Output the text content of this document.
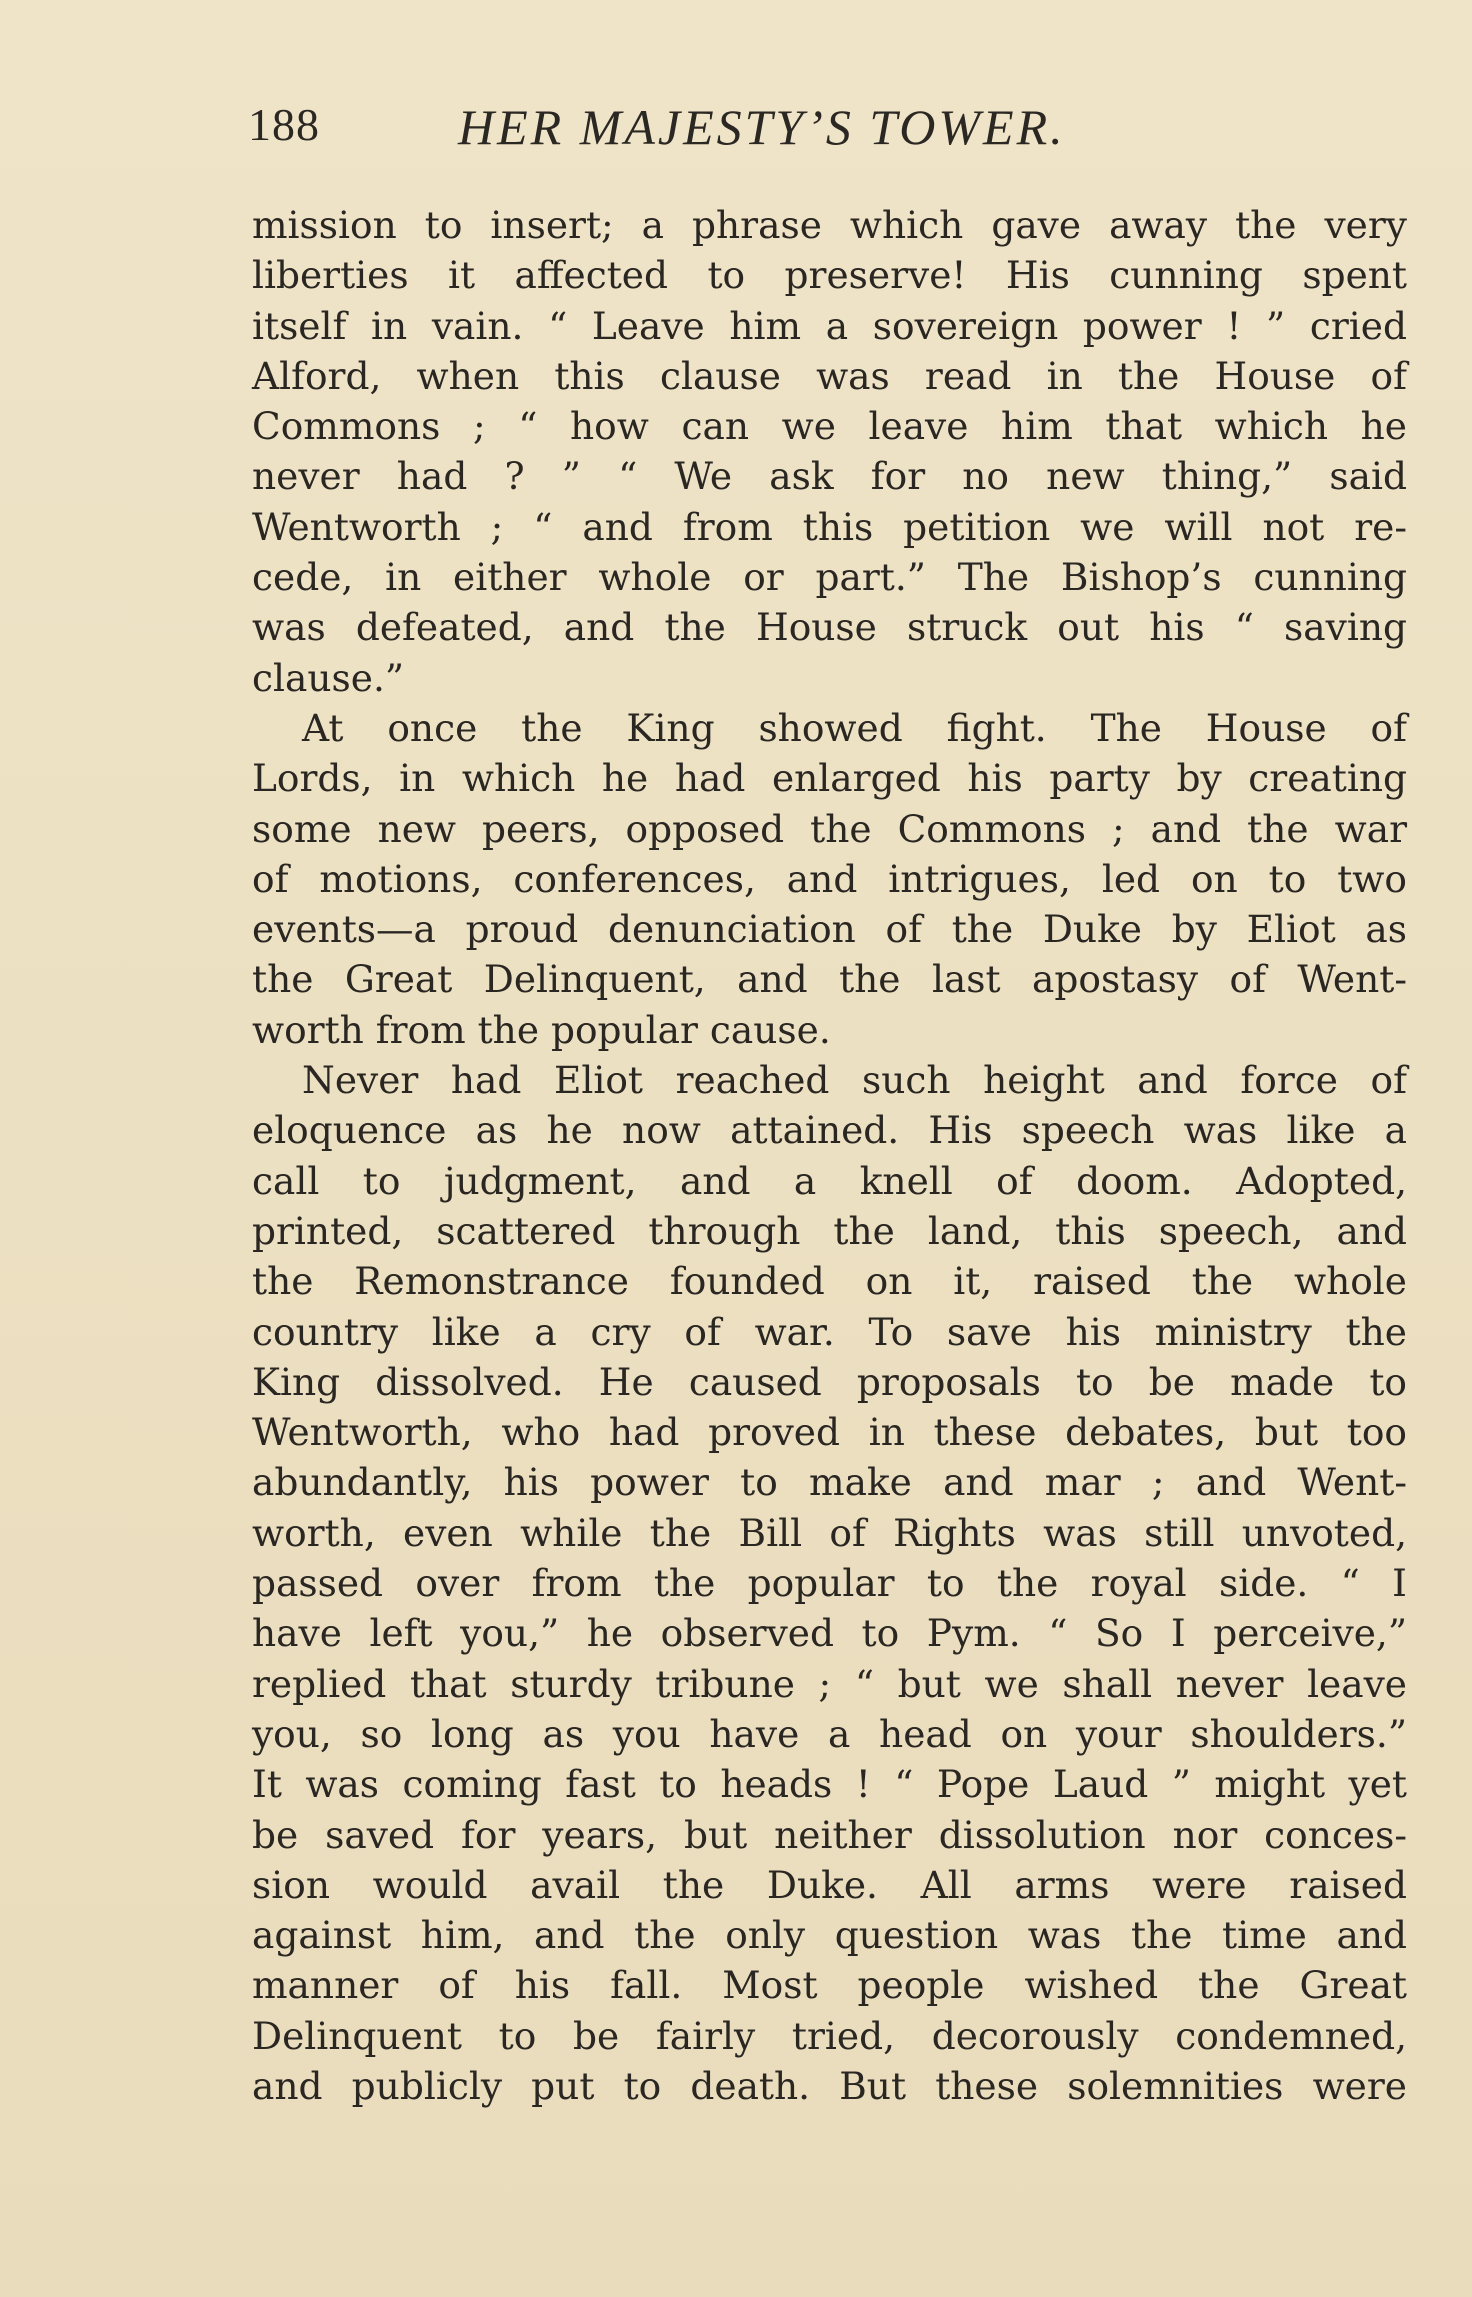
188	HER MAJESTY’S TOWER.
mission to insert; a phrase which gave away the very
liberties it affected to preserve! His cunning spent
itself in vain. “ Leave him a sovereign power ! ” cried
Alford, when this clause was read in the House of
Commons ; “ how can we leave him that which he
never had ? ” “ We ask for no new thing,” said
Wentworth ; “ and from this petition we will not re-
cede, in either whole or part.” The Bishop’s cunning
was defeated, and the House struck out his “ saving
clause.”
At once the King showed fight. The House of
Lords, in which he had enlarged his party by creating
some new peers, opposed the Commons ; and the war
of motions, conferences, and intrigues, led on to two
events—a proud denunciation of the Duke by Eliot as
the Great Delinquent, and the last apostasy of Went-
worth from the popular cause.
Never had Eliot reached such height and force of
eloquence as he now attained. His speech was like a
call to judgment, and a knell of doom. Adopted,
printed, scattered through the land, this speech, and
the Remonstrance founded on it, raised the whole
country like a cry of war. To save his ministry the
King dissolved. He caused proposals to be made to
Wentworth, who had proved in these debates, but too
abundantly, his power to make and mar ; and Went-
worth, even while the Bill of Rights was still unvoted,
passed over from the popular to the royal side. “ I
have left you,” he observed to Pym. “ So I perceive,”
replied that sturdy tribune ; “ but we shall never leave
you, so long as you have a head on your shoulders.”
It was coming fast to heads ! “ Pope Laud ” might yet
be saved for years, but neither dissolution nor conces-
sion would avail the Duke. All arms were raised
against him, and the only question was the time and
manner of his fall. Most people wished the Great
Delinquent to be fairly tried, decorously condemned,
and publicly put to death. But these solemnities were
